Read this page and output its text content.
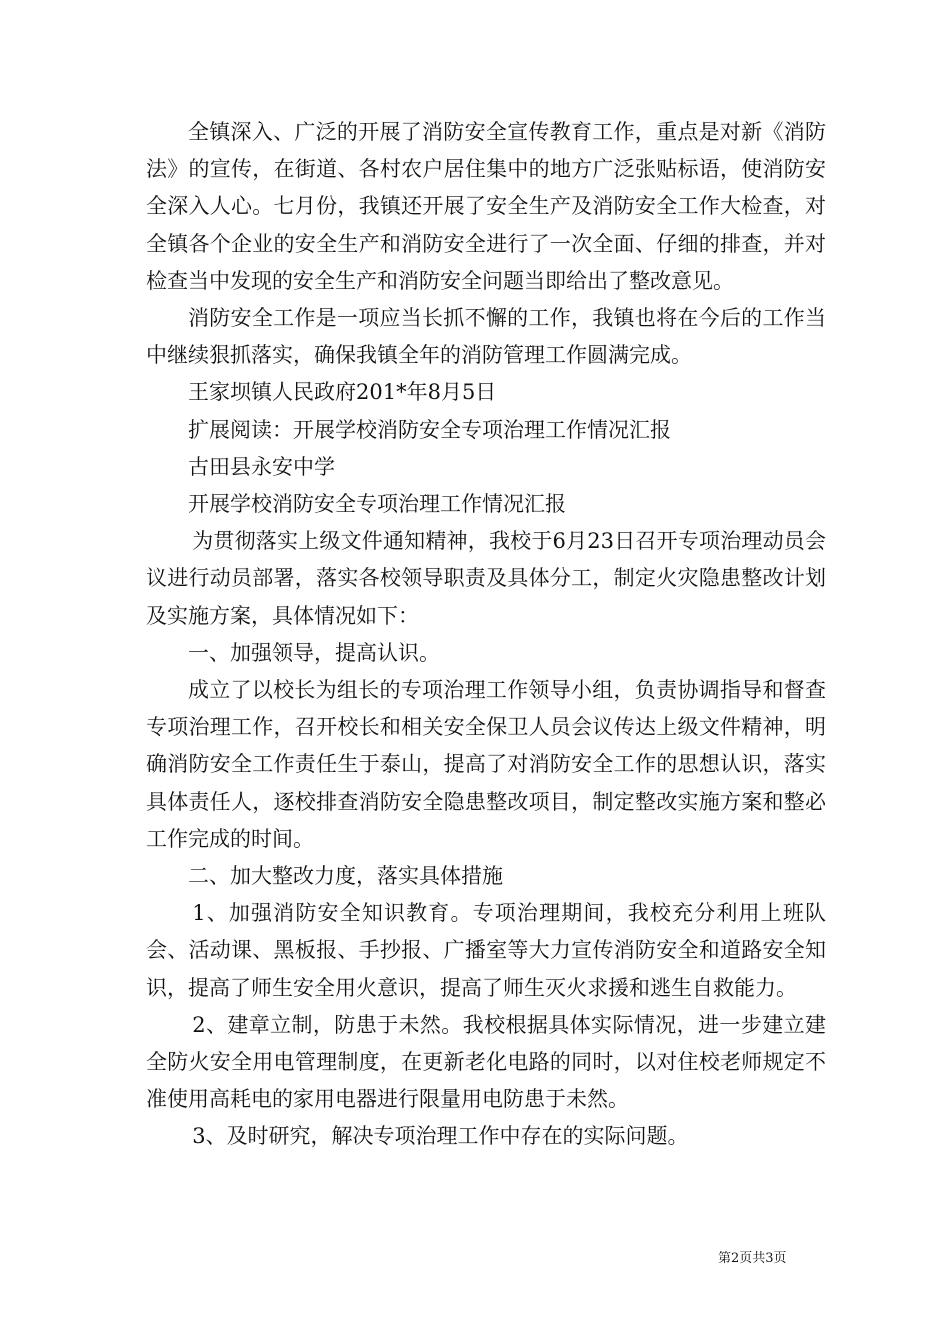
全镇深入、广泛的开展了消防安全宣传教育工作，重点是对新《消防法》的宣传，在街道、各村农户居住集中的地方广泛张贴标语，使消防安全深入人心。七月份，我镇还开展了安全生产及消防安全工作大检查，对全镇各个企业的安全生产和消防安全进行了一次全面、仔细的排查，并对检查当中发现的安全生产和消防安全问题当即给出了整改意见。

消防安全工作是一项应当长抓不懈的工作，我镇也将在今后的工作当中继续狠抓落实，确保我镇全年的消防管理工作圆满完成。

王家坝镇人民政府201*年8月5日

扩展阅读：开展学校消防安全专项治理工作情况汇报

古田县永安中学

开展学校消防安全专项治理工作情况汇报

为贯彻落实上级文件通知精神，我校于6月23日召开专项治理动员会议进行动员部署，落实各校领导职责及具体分工，制定火灾隐患整改计划及实施方案，具体情况如下：

一、加强领导，提高认识。

成立了以校长为组长的专项治理工作领导小组，负责协调指导和督查专项治理工作，召开校长和相关安全保卫人员会议传达上级文件精神，明确消防安全工作责任生于泰山，提高了对消防安全工作的思想认识，落实具体责任人，逐校排查消防安全隐患整改项目，制定整改实施方案和整必工作完成的时间。

二、加大整改力度，落实具体措施

1、加强消防安全知识教育。专项治理期间，我校充分利用上班队会、活动课、黑板报、手抄报、广播室等大力宣传消防安全和道路安全知识，提高了师生安全用火意识，提高了师生灭火求援和逃生自救能力。

2、建章立制，防患于未然。我校根据具体实际情况，进一步建立建全防火安全用电管理制度，在更新老化电路的同时，以对住校老师规定不准使用高耗电的家用电器进行限量用电防患于未然。

3、及时研究，解决专项治理工作中存在的实际问题。

第2页共3页
